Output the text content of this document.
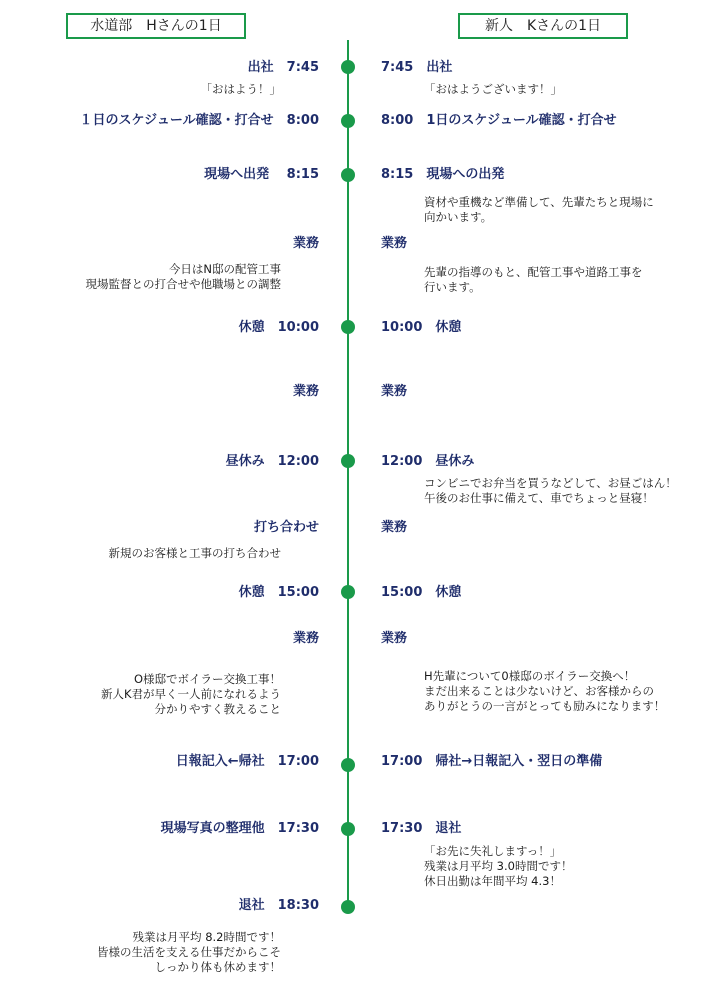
水道部　Hさんの1日	新人　Kさんの1日
出社　7:45
１日のスケジュール確認・打合せ　8:00
現場へ出発　 8:15
業務
休憩　10:00
業務
昼休み　12:00
打ち合わせ
休憩　15:00
業務
日報記入←帰社　17:00
現場写真の整理他　17:30
退社　18:30
7:45　出社
8:00　1日のスケジュール確認・打合せ
8:15　現場への出発
業務
10:00　休憩
業務
12:00　昼休み
業務
15:00　休憩
業務
17:00　帰社→日報記入・翌日の準備
17:30　退社
「おはよう！」
今日はN邸の配管工事
現場監督との打合せや他職場との調整
新規のお客様と工事の打ち合わせ
O様邸でボイラー交換工事！
新人K君が早く一人前になれるよう
分かりやすく教えること
残業は月平均 8.2時間です！
皆様の生活を支える仕事だからこそ
しっかり体も休めます！
「おはようございます！」
資材や重機など準備して、先輩たちと現場に
向かいます。
先輩の指導のもと、配管工事や道路工事を
行います。
コンビニでお弁当を買うなどして、お昼ごはん！
午後のお仕事に備えて、車でちょっと昼寝！
H先輩について0様邸のボイラー交換へ！
まだ出来ることは少ないけど、お客様からの
ありがとうの一言がとっても励みになります！
「お先に失礼しますっ！」
残業は月平均 3.0時間です！
休日出勤は年間平均 4.3！
